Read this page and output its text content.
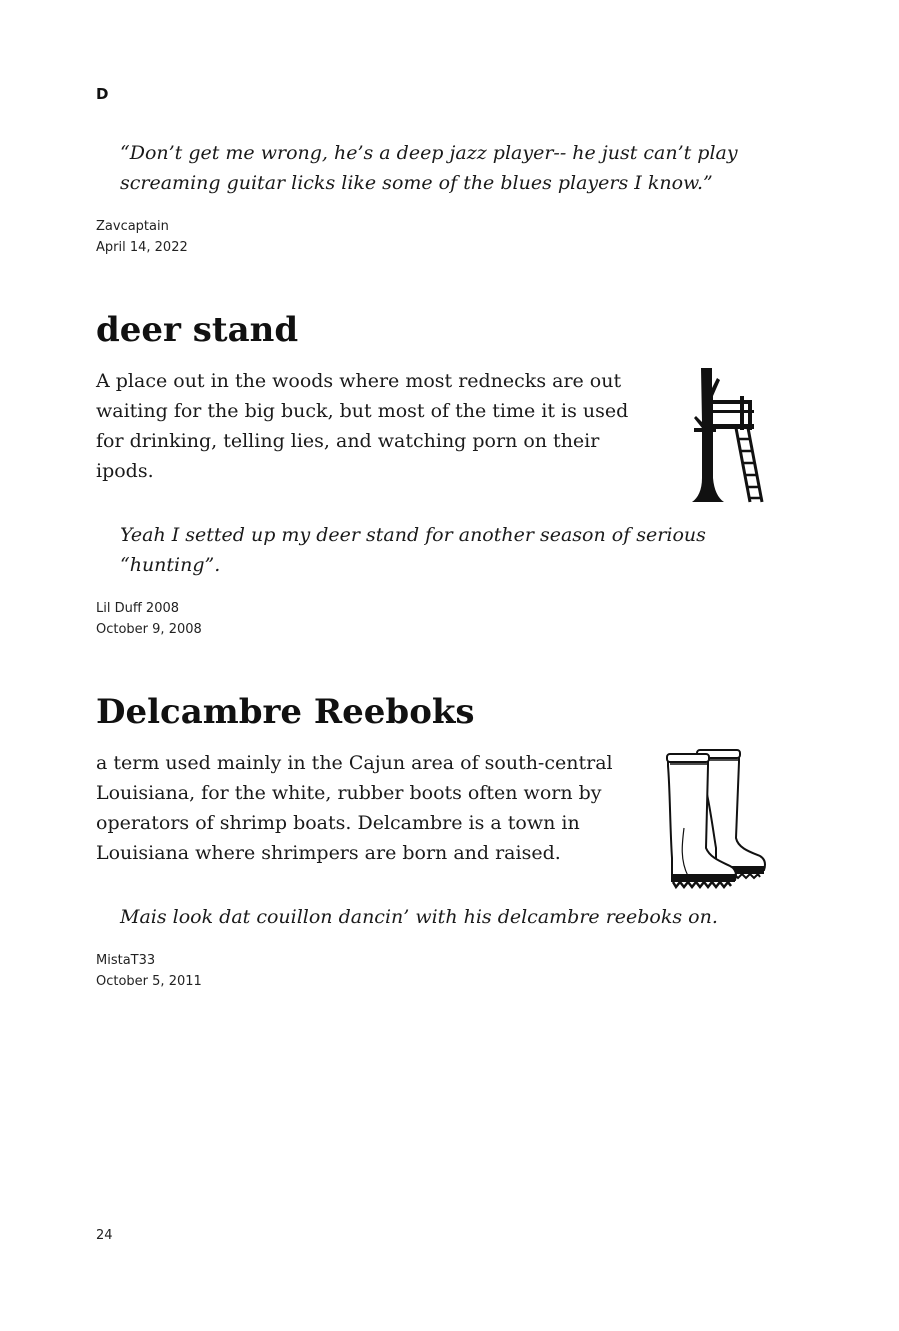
D

“Don’t get me wrong, he’s a deep jazz player-- he just can’t play screaming guitar licks like some of the blues players I know.”

Zavcaptain
April 14, 2022
deer stand

A place out in the woods where most rednecks are out waiting for the big buck, but most of the time it is used for drinking, telling lies, and watching porn on their ipods.

Yeah I setted up my deer stand for another season of serious “hunting”.

Lil Duff 2008
October 9, 2008
Delcambre Reeboks

a term used mainly in the Cajun area of south-central Louisiana, for the white, rubber boots often worn by operators of shrimp boats. Delcambre is a town in Louisiana where shrimpers are born and raised.

Mais look dat couillon dancin’ with his delcambre reeboks on.

MistaT33
October 5, 2011

24
